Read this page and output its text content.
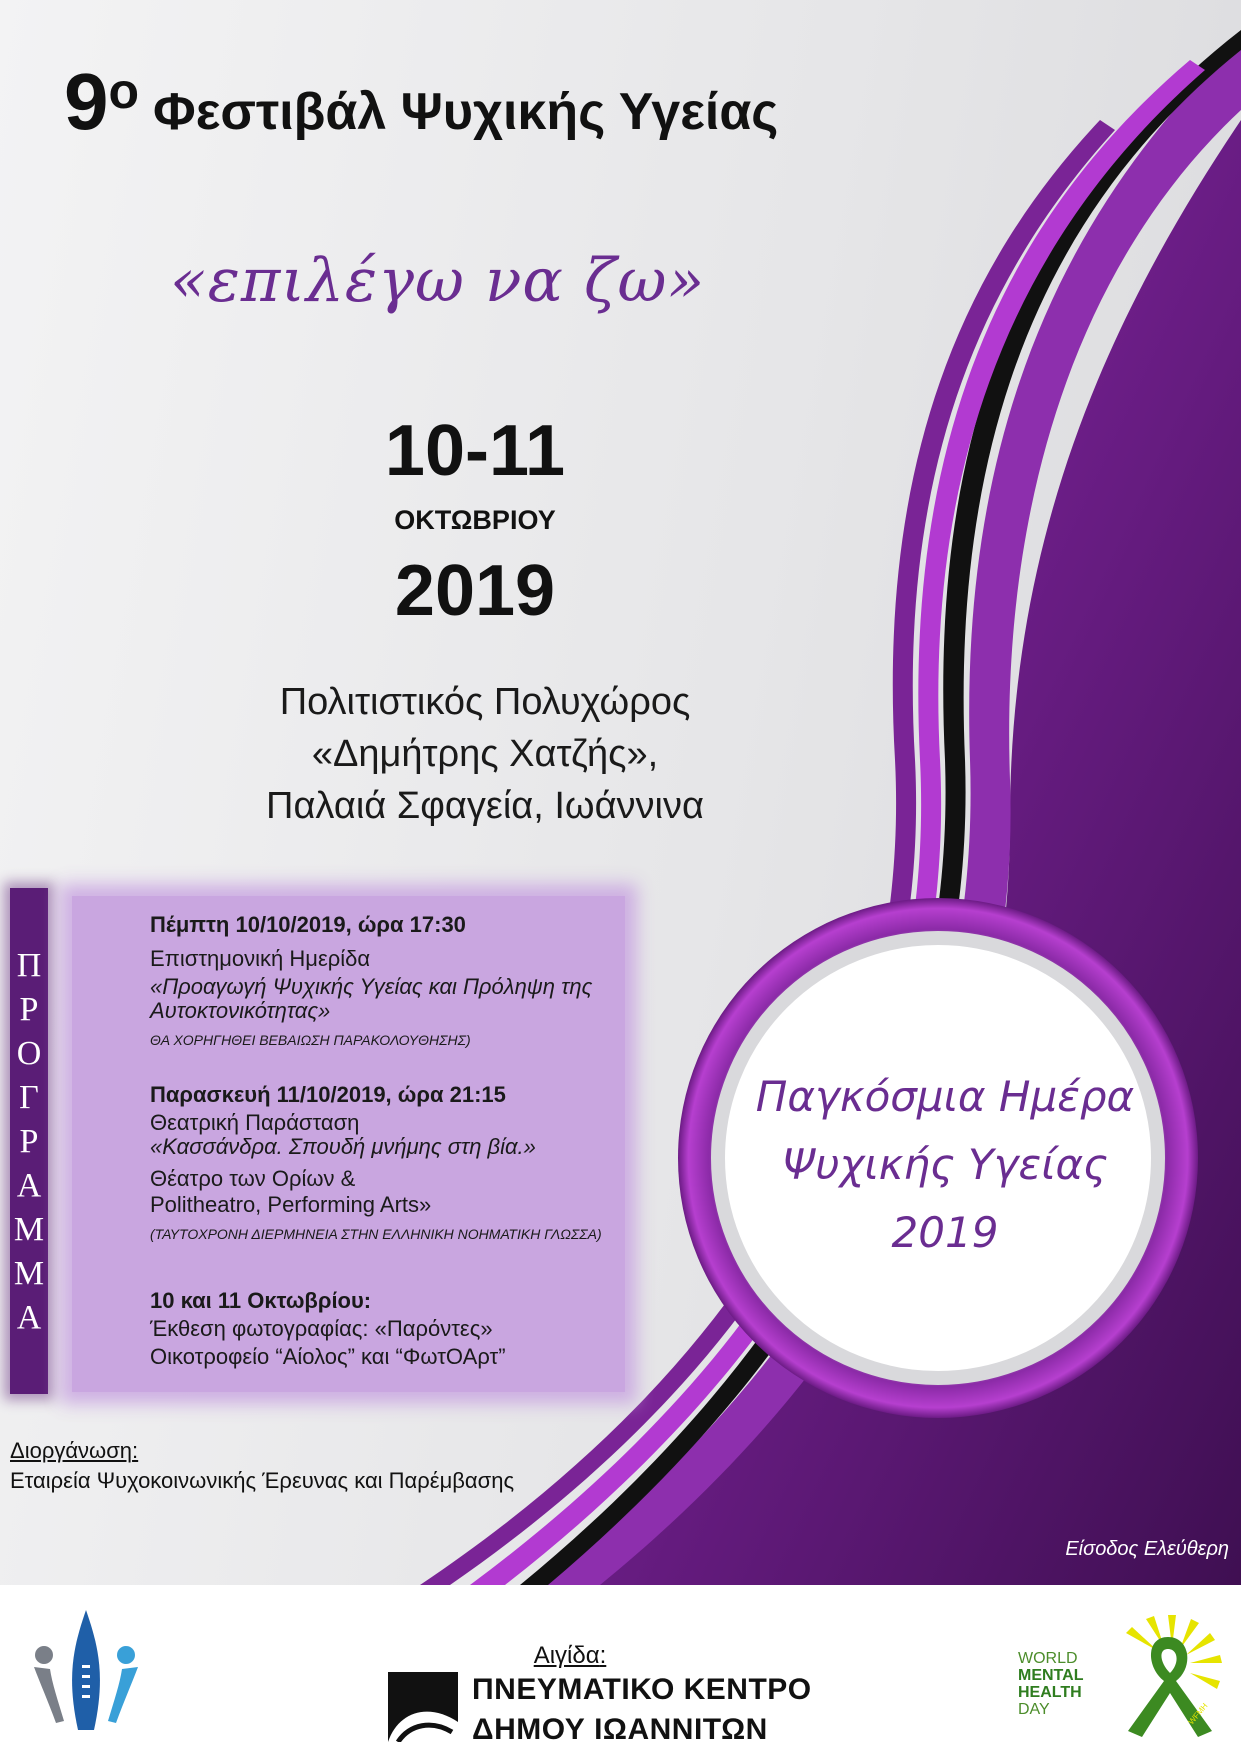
9ο Φεστιβάλ Ψυχικής Υγείας
«επιλέγω να ζω»
10-11
ΟΚΤΩΒΡΙΟΥ
2019
Πολιτιστικός Πολυχώρος
«Δημήτρης Χατζής»,
Παλαιά Σφαγεία, Ιωάννινα
Π
Ρ
Ο
Γ
Ρ
Α
Μ
Μ
Α
Πέμπτη 10/10/2019, ώρα 17:30
Επιστημονική Ημερίδα
«Προαγωγή Ψυχικής Υγείας και Πρόληψη της
Αυτοκτονικότητας»
ΘΑ ΧΟΡΗΓΗΘΕΙ ΒΕΒΑΙΩΣΗ ΠΑΡΑΚΟΛΟΥΘΗΣΗΣ)
Παρασκευή 11/10/2019, ώρα 21:15
Θεατρική Παράσταση
«Κασσάνδρα. Σπουδή μνήμης στη βία.»
Θέατρο των Ορίων &
Politheatro, Performing Arts»
(ΤΑΥΤΟΧΡΟΝΗ ΔΙΕΡΜΗΝΕΙΑ ΣΤΗΝ ΕΛΛΗΝΙΚΗ ΝΟΗΜΑΤΙΚΗ ΓΛΩΣΣΑ)
10 και 11 Οκτωβρίου:
Έκθεση φωτογραφίας: «Παρόντες»
Οικοτροφείο “Αίολος” και “ΦωτΟΑρτ”
Παγκόσμια Ημέρα
Ψυχικής Υγείας
2019
Διοργάνωση:
Εταιρεία Ψυχοκοινωνικής Έρευνας και Παρέμβασης
Είσοδος Ελεύθερη
Αιγίδα:
ΠΝΕΥΜΑΤΙΚΟ ΚΕΝΤΡΟ
ΔΗΜΟΥ ΙΩΑΝΝΙΤΩΝ
WORLD
MENTAL
HEALTH
DAY	WFMH
